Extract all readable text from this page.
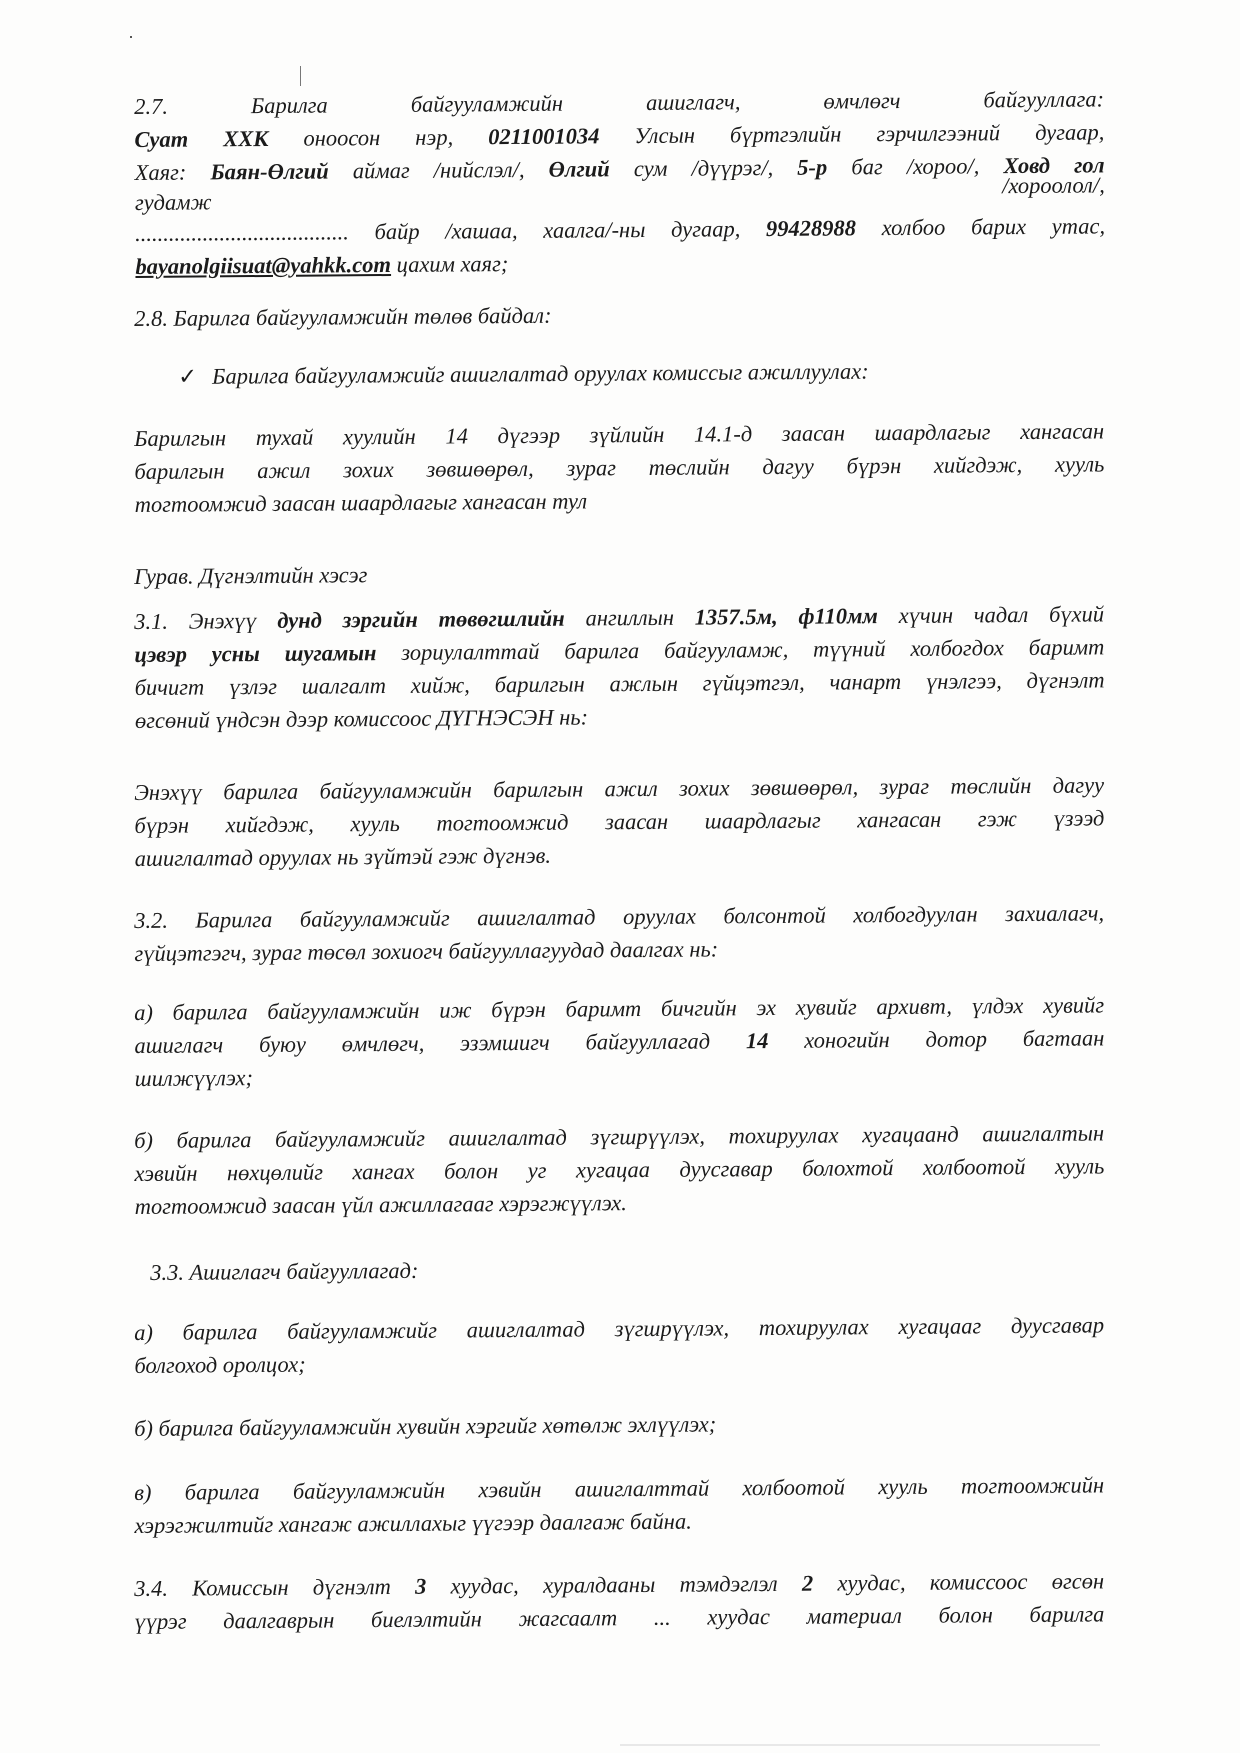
2.7.	Барилга	байгууламжийн	ашиглагч,	өмчлөгч	байгууллага:
Суат ХХК оноосон нэр, 0211001034 Улсын бүртгэлийн гэрчилгээний дугаар,
Хаяг: Баян-Өлгий аймаг /нийслэл/, Өлгий сум /дүүрэг/, 5-р баг /хороо/, Ховд гол
гудамж
/хороолол/,
...................................... байр /хашаа, хаалга/-ны дугаар, 99428988 холбоо барих утас,
bayanolgiisuat@yahkk.com цахим хаяг;
2.8. Барилга байгууламжийн төлөв байдал:
✓ Барилга байгууламжийг ашиглалтад оруулах комиссыг ажиллуулах:
Барилгын тухай хуулийн 14 дүгээр зүйлийн 14.1-д заасан шаардлагыг хангасан
барилгын ажил зохих зөвшөөрөл, зураг төслийн дагуу бүрэн хийгдэж, хууль
тогтоомжид заасан шаардлагыг хангасан тул
Гурав. Дүгнэлтийн хэсэг
3.1. Энэхүү дунд зэргийн төвөгшлийн ангиллын 1357.5м, ф110мм хүчин чадал бүхий
цэвэр усны шугамын зориулалттай барилга байгууламж, түүний холбогдох баримт
бичигт үзлэг шалгалт хийж, барилгын ажлын гүйцэтгэл, чанарт үнэлгээ, дүгнэлт
өгсөний үндсэн дээр комиссоос ДҮГНЭСЭН нь:
Энэхүү барилга байгууламжийн барилгын ажил зохих зөвшөөрөл, зураг төслийн дагуу
бүрэн хийгдэж, хууль тогтоомжид заасан шаардлагыг хангасан гэж үзээд
ашиглалтад оруулах нь зүйтэй гэж дүгнэв.
3.2. Барилга байгууламжийг ашиглалтад оруулах болсонтой холбогдуулан захиалагч,
гүйцэтгэгч, зураг төсөл зохиогч байгууллагуудад даалгах нь:
а) барилга байгууламжийн иж бүрэн баримт бичгийн эх хувийг архивт, үлдэх хувийг
ашиглагч буюу өмчлөгч, эзэмшигч байгууллагад 14 хоногийн дотор багтаан
шилжүүлэх;
б) барилга байгууламжийг ашиглалтад зүгшрүүлэх, тохируулах хугацаанд ашиглалтын
хэвийн нөхцөлийг хангах болон уг хугацаа дуусгавар болохтой холбоотой хууль
тогтоомжид заасан үйл ажиллагааг хэрэгжүүлэх.
3.3. Ашиглагч байгууллагад:
а) барилга байгууламжийг ашиглалтад зүгшрүүлэх, тохируулах хугацааг дуусгавар
болгоход оролцох;
б) барилга байгууламжийн хувийн хэргийг хөтөлж эхлүүлэх;
в) барилга байгууламжийн хэвийн ашиглалттай холбоотой хууль тогтоомжийн
хэрэгжилтийг хангаж ажиллахыг үүгээр даалгаж байна.
3.4. Комиссын дүгнэлт 3 хуудас, хуралдааны тэмдэглэл 2 хуудас, комиссоос өгсөн
үүрэг даалгаврын биелэлтийн жагсаалт ... хуудас материал болон барилга
